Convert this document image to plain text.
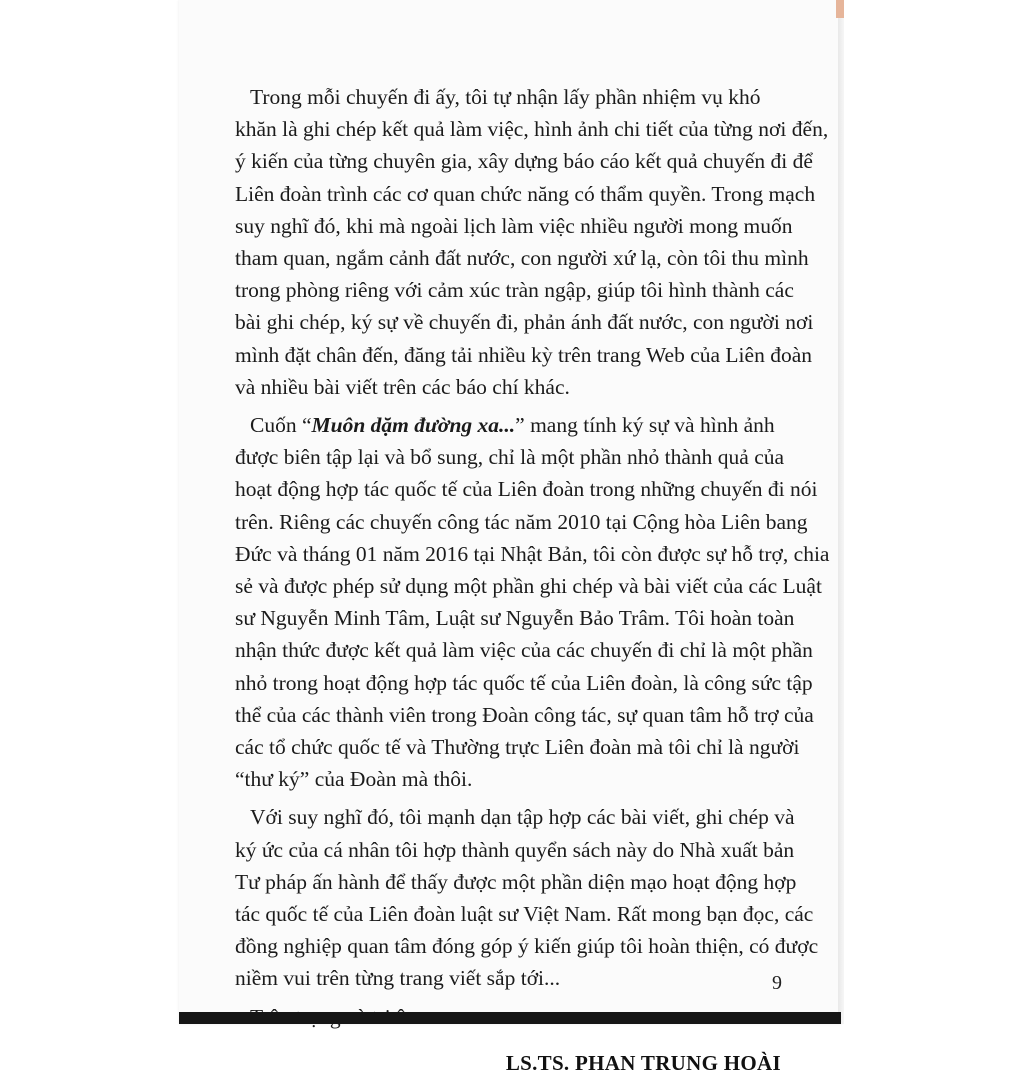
Trong mỗi chuyến đi ấy, tôi tự nhận lấy phần nhiệm vụ khó
khăn là ghi chép kết quả làm việc, hình ảnh chi tiết của từng nơi đến,
ý kiến của từng chuyên gia, xây dựng báo cáo kết quả chuyến đi để
Liên đoàn trình các cơ quan chức năng có thẩm quyền. Trong mạch
suy nghĩ đó, khi mà ngoài lịch làm việc nhiều người mong muốn
tham quan, ngắm cảnh đất nước, con người xứ lạ, còn tôi thu mình
trong phòng riêng với cảm xúc tràn ngập, giúp tôi hình thành các
bài ghi chép, ký sự về chuyến đi, phản ánh đất nước, con người nơi
mình đặt chân đến, đăng tải nhiều kỳ trên trang Web của Liên đoàn
và nhiều bài viết trên các báo chí khác.
Cuốn “Muôn dặm đường xa...” mang tính ký sự và hình ảnh
được biên tập lại và bổ sung, chỉ là một phần nhỏ thành quả của
hoạt động hợp tác quốc tế của Liên đoàn trong những chuyến đi nói
trên. Riêng các chuyến công tác năm 2010 tại Cộng hòa Liên bang
Đức và tháng 01 năm 2016 tại Nhật Bản, tôi còn được sự hỗ trợ, chia
sẻ và được phép sử dụng một phần ghi chép và bài viết của các Luật
sư Nguyễn Minh Tâm, Luật sư Nguyễn Bảo Trâm. Tôi hoàn toàn
nhận thức được kết quả làm việc của các chuyến đi chỉ là một phần
nhỏ trong hoạt động hợp tác quốc tế của Liên đoàn, là công sức tập
thể của các thành viên trong Đoàn công tác, sự quan tâm hỗ trợ của
các tổ chức quốc tế và Thường trực Liên đoàn mà tôi chỉ là người
“thư ký” của Đoàn mà thôi.
Với suy nghĩ đó, tôi mạnh dạn tập hợp các bài viết, ghi chép và
ký ức của cá nhân tôi hợp thành quyển sách này do Nhà xuất bản
Tư pháp ấn hành để thấy được một phần diện mạo hoạt động hợp
tác quốc tế của Liên đoàn luật sư Việt Nam. Rất mong bạn đọc, các
đồng nghiệp quan tâm đóng góp ý kiến giúp tôi hoàn thiện, có được
niềm vui trên từng trang viết sắp tới...
LS.TS. PHAN TRUNG HOÀI
9
